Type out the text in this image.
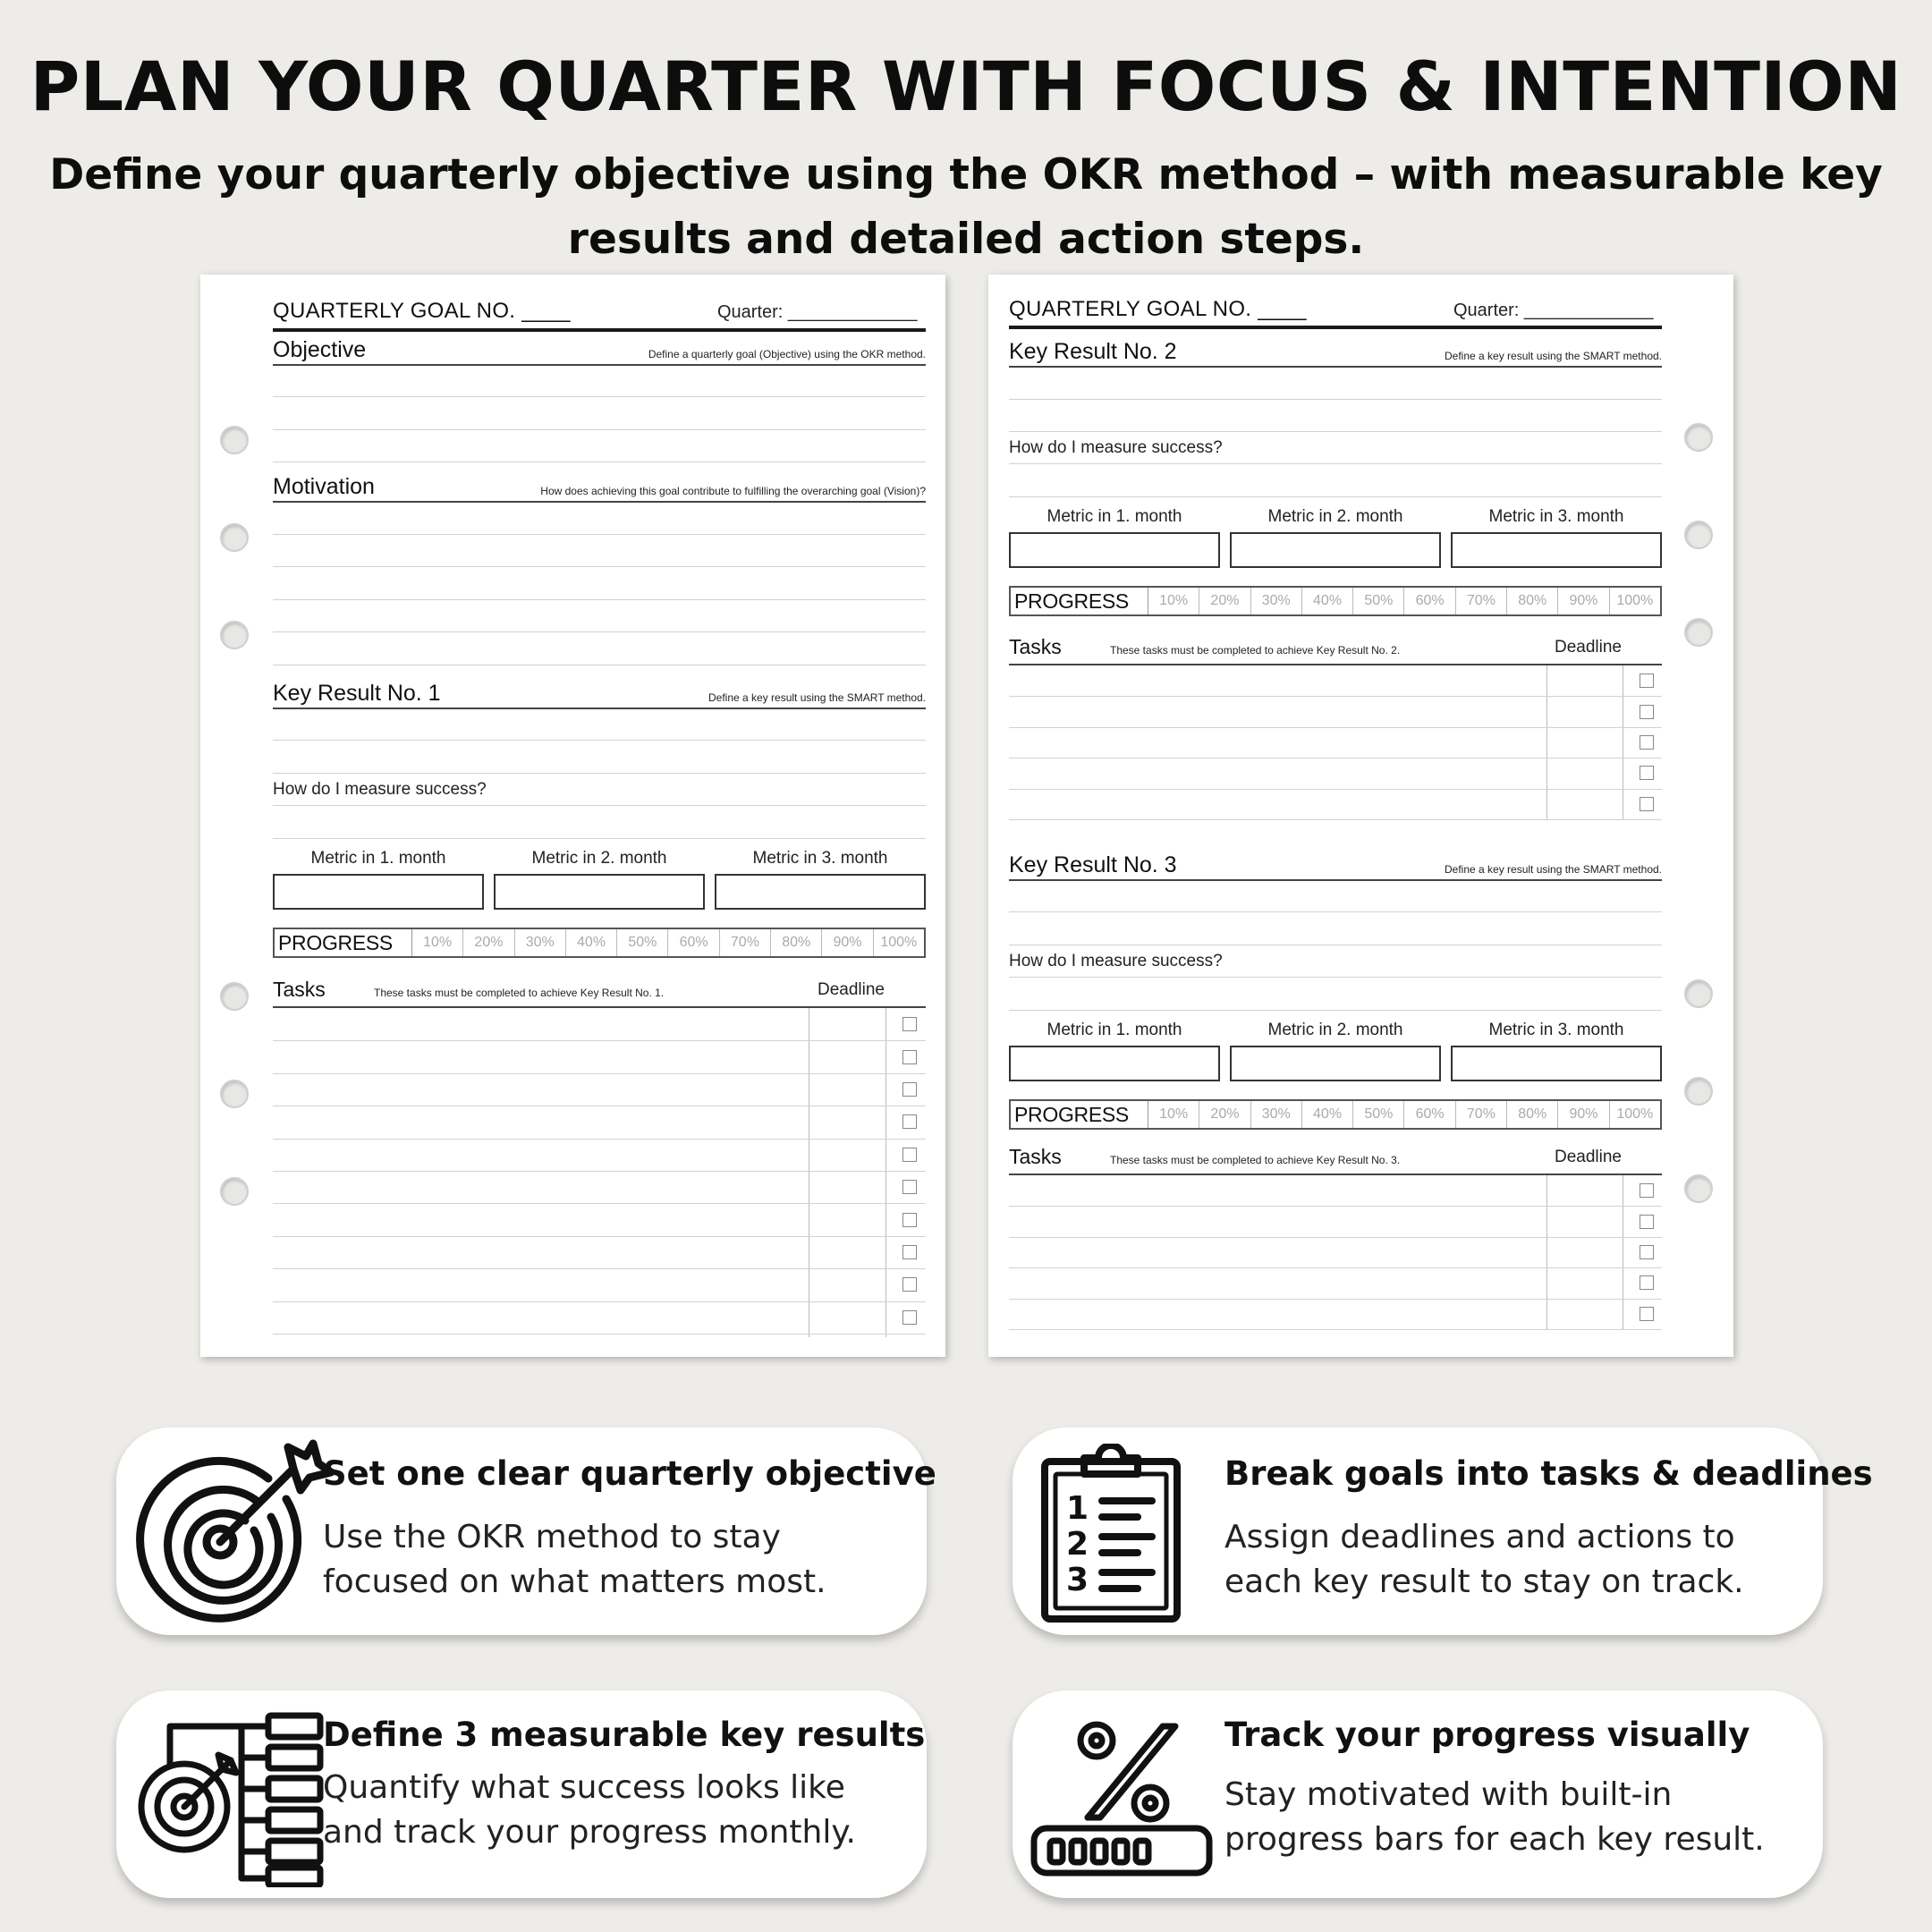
PLAN YOUR QUARTER WITH FOCUS & INTENTION
Define your quarterly objective using the OKR method – with measurable key results and detailed action steps.
QUARTERLY GOAL NO. ____	Quarter: _____________
Objective	Define a quarterly goal (Objective) using the OKR method.
Motivation	How does achieving this goal contribute to fulfilling the overarching goal (Vision)?
Key Result No. 1	Define a key result using the SMART method.
How do I measure success?
Metric in 1. month	Metric in 2. month	Metric in 3. month
PROGRESS	10%	20%	30%	40%	50%	60%	70%	80%	90%	100%
Tasks	These tasks must be completed to achieve Key Result No. 1.	Deadline
QUARTERLY GOAL NO. ____	Quarter: _____________
Key Result No. 2	Define a key result using the SMART method.
How do I measure success?
Metric in 1. month	Metric in 2. month	Metric in 3. month
PROGRESS	10%	20%	30%	40%	50%	60%	70%	80%	90%	100%
Tasks	These tasks must be completed to achieve Key Result No. 2.	Deadline
Key Result No. 3	Define a key result using the SMART method.
How do I measure success?
Metric in 1. month	Metric in 2. month	Metric in 3. month
PROGRESS	10%	20%	30%	40%	50%	60%	70%	80%	90%	100%
Tasks	These tasks must be completed to achieve Key Result No. 3.	Deadline
Set one clear quarterly objective
Use the OKR method to stay focused on what matters most.
1
2
3
Break goals into tasks & deadlines
Assign deadlines and actions to each key result to stay on track.
Define 3 measurable key results
Quantify what success looks like and track your progress monthly.
Track your progress visually
Stay motivated with built-in progress bars for each key result.
